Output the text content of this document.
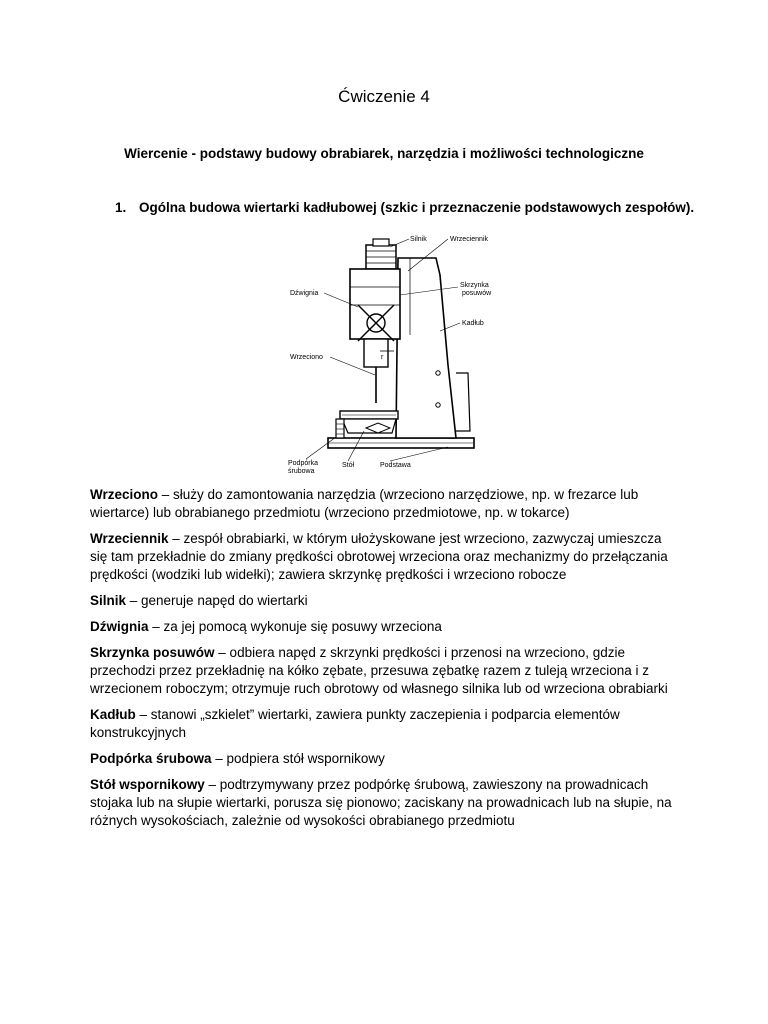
Ćwiczenie 4
Wiercenie - podstawy budowy obrabiarek, narzędzia i możliwości technologiczne
1. Ogólna budowa wiertarki kadłubowej (szkic i przeznaczenie podstawowych zespołów).
r
Silnik	Wrzeciennik
Skrzynka
posuwów
Dźwignia
Kadłub
Wrzeciono
Podpórka
śrubowa
Stół	Podstawa

Wrzeciono – służy do zamontowania narzędzia (wrzeciono narzędziowe, np. w frezarce lub wiertarce) lub obrabianego przedmiotu (wrzeciono przedmiotowe, np. w tokarce)

Wrzeciennik – zespół obrabiarki, w którym ułożyskowane jest wrzeciono, zazwyczaj umieszcza się tam przekładnie do zmiany prędkości obrotowej wrzeciona oraz mechanizmy do przełączania prędkości (wodziki lub widełki); zawiera skrzynkę prędkości i wrzeciono robocze

Silnik – generuje napęd do wiertarki

Dźwignia – za jej pomocą wykonuje się posuwy wrzeciona

Skrzynka posuwów – odbiera napęd z skrzynki prędkości i przenosi na wrzeciono, gdzie przechodzi przez przekładnię na kółko zębate, przesuwa zębatkę razem z tuleją wrzeciona i z wrzecionem roboczym; otrzymuje ruch obrotowy od własnego silnika lub od wrzeciona obrabiarki

Kadłub – stanowi „szkielet” wiertarki, zawiera punkty zaczepienia i podparcia elementów konstrukcyjnych

Podpórka śrubowa – podpiera stół wspornikowy

Stół wspornikowy – podtrzymywany przez podpórkę śrubową, zawieszony na prowadnicach stojaka lub na słupie wiertarki, porusza się pionowo; zaciskany na prowadnicach lub na słupie, na różnych wysokościach, zależnie od wysokości obrabianego przedmiotu
